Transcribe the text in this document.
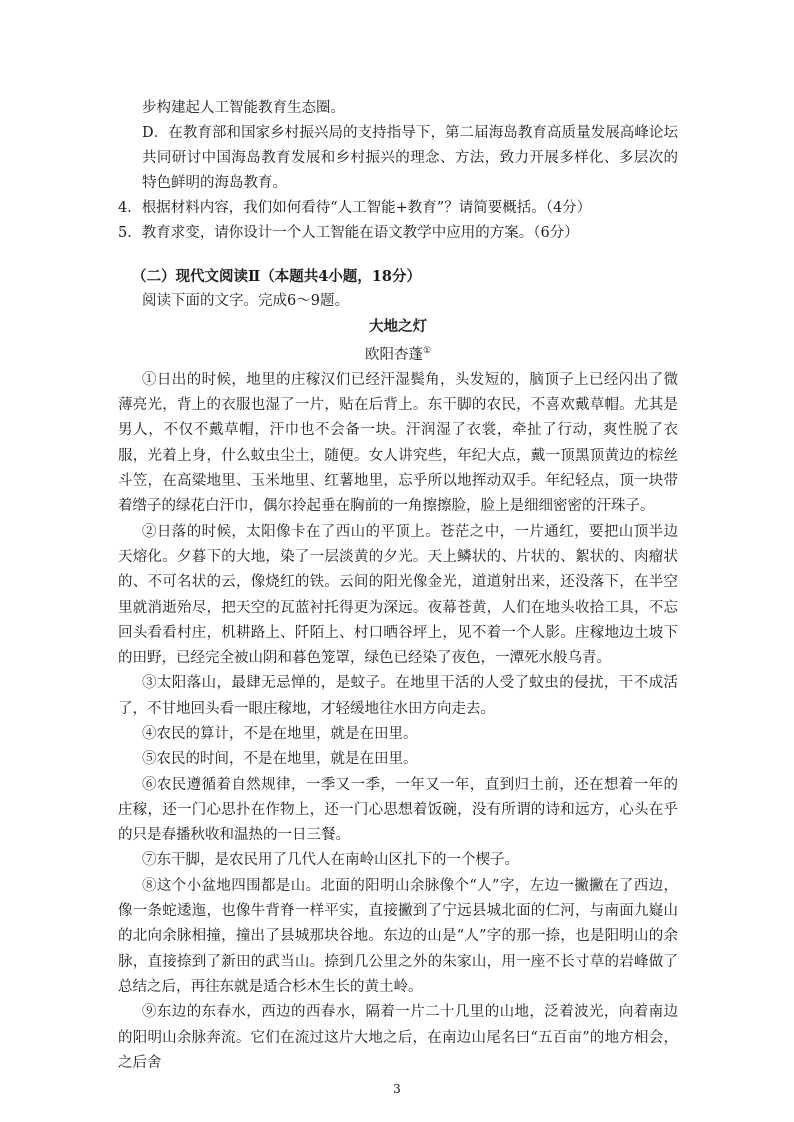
步构建起人工智能教育生态圈。

D．在教育部和国家乡村振兴局的支持指导下，第二届海岛教育高质量发展高峰论坛共同研讨中国海岛教育发展和乡村振兴的理念、方法，致力开展多样化、多层次的特色鲜明的海岛教育。

4．根据材料内容，我们如何看待“人工智能+教育”？请简要概括。（4分）

5．教育求变，请你设计一个人工智能在语文教学中应用的方案。（6分）

（二）现代文阅读Ⅱ（本题共4小题，18分）

阅读下面的文字。完成6～9题。

大地之灯

欧阳杏蓬①

①日出的时候，地里的庄稼汉们已经汗湿鬓角，头发短的，脑顶子上已经闪出了微薄亮光，背上的衣服也湿了一片，贴在后背上。东干脚的农民，不喜欢戴草帽。尤其是男人，不仅不戴草帽，汗巾也不会备一块。汗润湿了衣裳，牵扯了行动，爽性脱了衣服，光着上身，什么蚊虫尘土，随便。女人讲究些，年纪大点，戴一顶黑顶黄边的棕丝斗笠，在高粱地里、玉米地里、红薯地里，忘乎所以地挥动双手。年纪轻点，顶一块带着绺子的绿花白汗巾，偶尔拎起垂在胸前的一角擦擦脸，脸上是细细密密的汗珠子。

②日落的时候，太阳像卡在了西山的平顶上。苍茫之中，一片通红，要把山顶半边天熔化。夕暮下的大地，染了一层淡黄的夕光。天上鳞状的、片状的、絮状的、肉瘤状的、不可名状的云，像烧红的铁。云间的阳光像金光，道道射出来，还没落下，在半空里就消逝殆尽，把天空的瓦蓝衬托得更为深远。夜幕苍黄，人们在地头收拾工具，不忘回头看看村庄，机耕路上、阡陌上、村口晒谷坪上，见不着一个人影。庄稼地边土坡下的田野，已经完全被山阴和暮色笼罩，绿色已经染了夜色，一潭死水般乌青。

③太阳落山，最肆无忌惮的，是蚊子。在地里干活的人受了蚊虫的侵扰，干不成活了，不甘地回头看一眼庄稼地，才轻缓地往水田方向走去。

④农民的算计，不是在地里，就是在田里。

⑤农民的时间，不是在地里，就是在田里。

⑥农民遵循着自然规律，一季又一季，一年又一年，直到归土前，还在想着一年的庄稼，还一门心思扑在作物上，还一门心思想着饭碗，没有所谓的诗和远方，心头在乎的只是春播秋收和温热的一日三餐。

⑦东干脚，是农民用了几代人在南岭山区扎下的一个楔子。

⑧这个小盆地四围都是山。北面的阳明山余脉像个“人”字，左边一撇撇在了西边，像一条蛇逶迤，也像牛背脊一样平实，直接撇到了宁远县城北面的仁河，与南面九嶷山的北向余脉相撞，撞出了县城那块谷地。东边的山是“人”字的那一捺，也是阳明山的余脉，直接捺到了新田的武当山。捺到几公里之外的朱家山，用一座不长寸草的岩峰做了总结之后，再往东就是适合杉木生长的黄土岭。

⑨东边的东春水，西边的西春水，隔着一片二十几里的山地，泛着波光，向着南边的阳明山余脉奔流。它们在流过这片大地之后，在南边山尾名曰“五百亩”的地方相会，之后舍

3
